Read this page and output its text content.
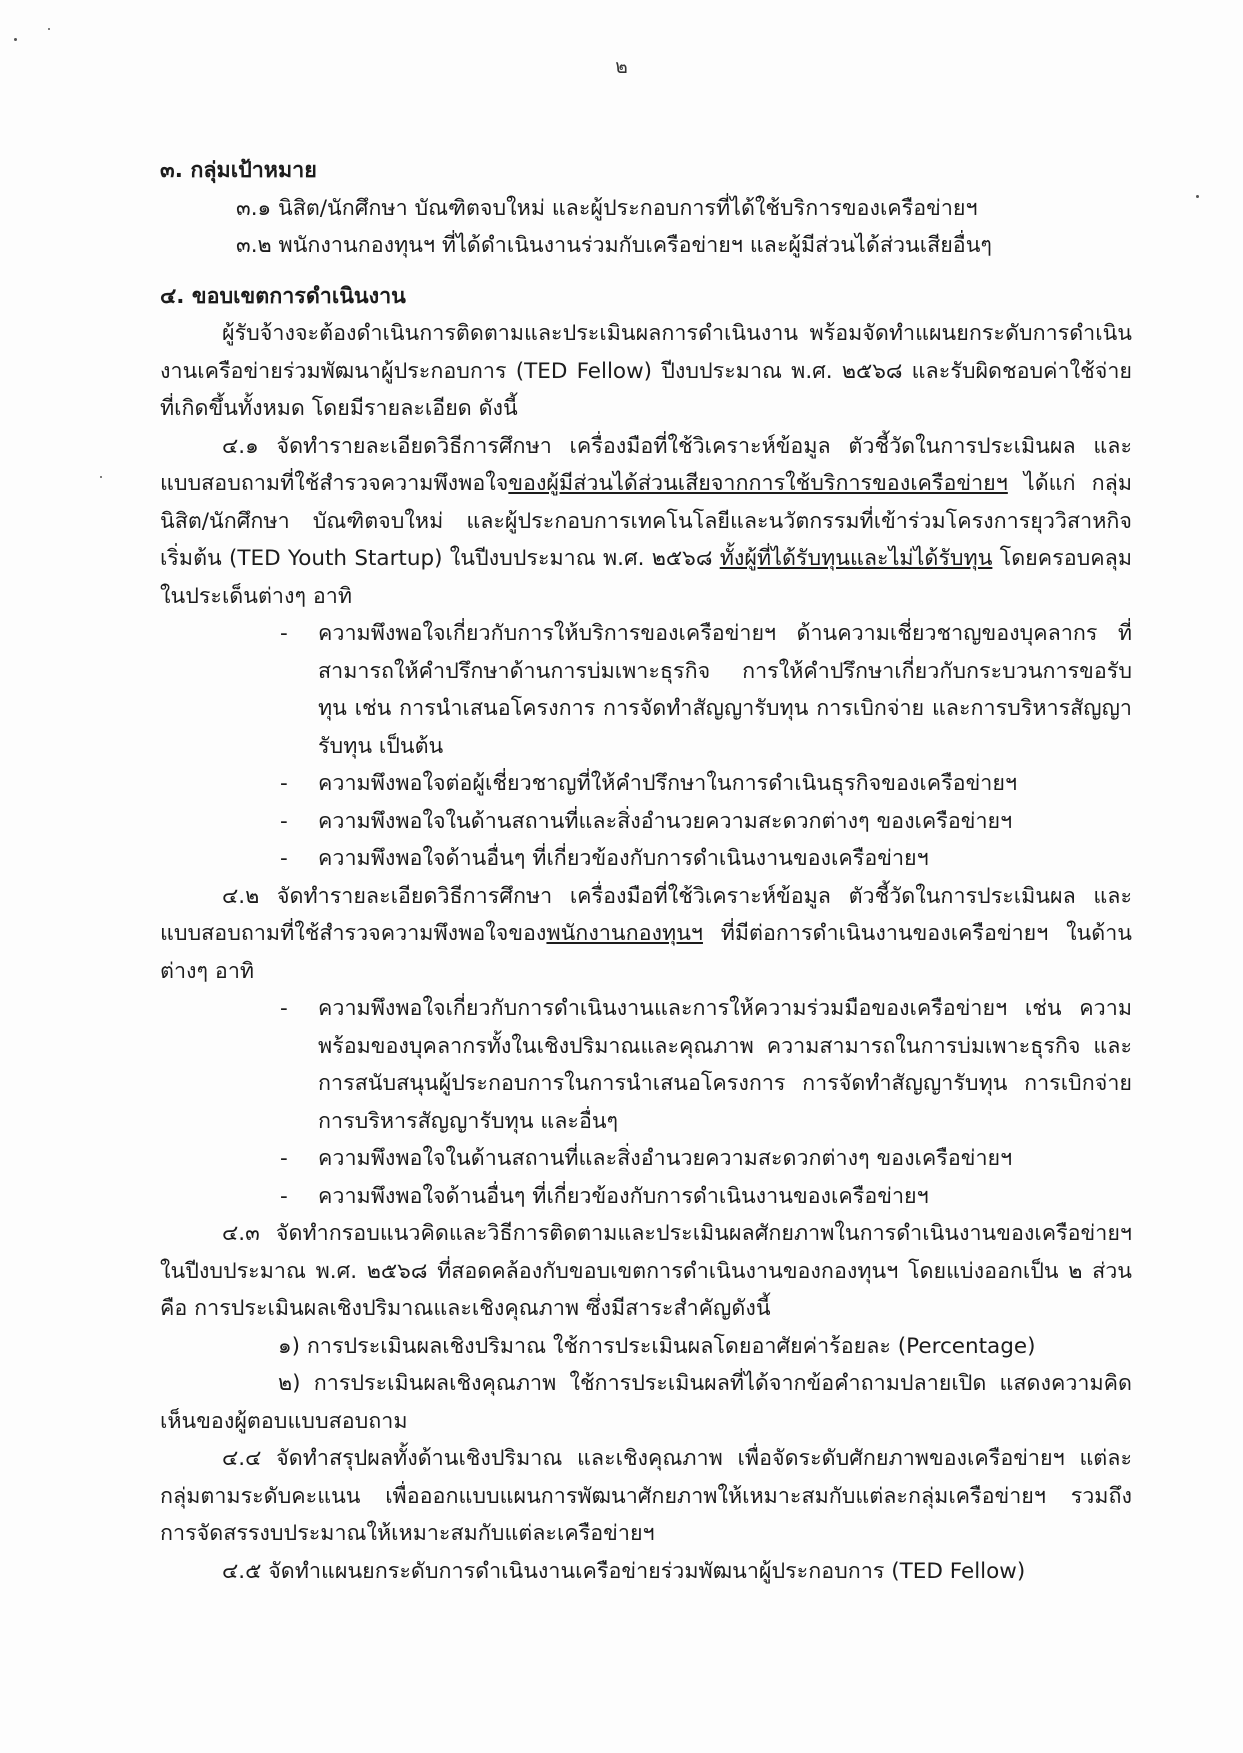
๒
๓. กลุ่มเป้าหมาย
๓.๑ นิสิต/นักศึกษา บัณฑิตจบใหม่ และผู้ประกอบการที่ได้ใช้บริการของเครือข่ายฯ
๓.๒ พนักงานกองทุนฯ ที่ได้ดำเนินงานร่วมกับเครือข่ายฯ และผู้มีส่วนได้ส่วนเสียอื่นๆ
๔. ขอบเขตการดำเนินงาน
ผู้รับจ้างจะต้องดำเนินการติดตามและประเมินผลการดำเนินงาน พร้อมจัดทำแผนยกระดับการดำเนินงานเครือข่ายร่วมพัฒนาผู้ประกอบการ (TED Fellow) ปีงบประมาณ พ.ศ. ๒๕๖๘ และรับผิดชอบค่าใช้จ่ายที่เกิดขึ้นทั้งหมด โดยมีรายละเอียด ดังนี้
๔.๑ จัดทำรายละเอียดวิธีการศึกษา เครื่องมือที่ใช้วิเคราะห์ข้อมูล ตัวชี้วัดในการประเมินผล และแบบสอบถามที่ใช้สำรวจความพึงพอใจของผู้มีส่วนได้ส่วนเสียจากการใช้บริการของเครือข่ายฯ ได้แก่ กลุ่มนิสิต/นักศึกษา บัณฑิตจบใหม่ และผู้ประกอบการเทคโนโลยีและนวัตกรรมที่เข้าร่วมโครงการยุววิสาหกิจเริ่มต้น (TED Youth Startup) ในปีงบประมาณ พ.ศ. ๒๕๖๘ ทั้งผู้ที่ได้รับทุนและไม่ได้รับทุน โดยครอบคลุมในประเด็นต่างๆ อาทิ
- ความพึงพอใจเกี่ยวกับการให้บริการของเครือข่ายฯ ด้านความเชี่ยวชาญของบุคลากร ที่สามารถให้คำปรึกษาด้านการบ่มเพาะธุรกิจ การให้คำปรึกษาเกี่ยวกับกระบวนการขอรับทุน เช่น การนำเสนอโครงการ การจัดทำสัญญารับทุน การเบิกจ่าย และการบริหารสัญญารับทุน เป็นต้น
- ความพึงพอใจต่อผู้เชี่ยวชาญที่ให้คำปรึกษาในการดำเนินธุรกิจของเครือข่ายฯ
- ความพึงพอใจในด้านสถานที่และสิ่งอำนวยความสะดวกต่างๆ ของเครือข่ายฯ
- ความพึงพอใจด้านอื่นๆ ที่เกี่ยวข้องกับการดำเนินงานของเครือข่ายฯ
๔.๒ จัดทำรายละเอียดวิธีการศึกษา เครื่องมือที่ใช้วิเคราะห์ข้อมูล ตัวชี้วัดในการประเมินผล และแบบสอบถามที่ใช้สำรวจความพึงพอใจของพนักงานกองทุนฯ ที่มีต่อการดำเนินงานของเครือข่ายฯ ในด้านต่างๆ อาทิ
- ความพึงพอใจเกี่ยวกับการดำเนินงานและการให้ความร่วมมือของเครือข่ายฯ เช่น ความพร้อมของบุคลากรทั้งในเชิงปริมาณและคุณภาพ ความสามารถในการบ่มเพาะธุรกิจ และการสนับสนุนผู้ประกอบการในการนำเสนอโครงการ การจัดทำสัญญารับทุน การเบิกจ่าย การบริหารสัญญารับทุน และอื่นๆ
- ความพึงพอใจในด้านสถานที่และสิ่งอำนวยความสะดวกต่างๆ ของเครือข่ายฯ
- ความพึงพอใจด้านอื่นๆ ที่เกี่ยวข้องกับการดำเนินงานของเครือข่ายฯ
๔.๓ จัดทำกรอบแนวคิดและวิธีการติดตามและประเมินผลศักยภาพในการดำเนินงานของเครือข่ายฯ ในปีงบประมาณ พ.ศ. ๒๕๖๘ ที่สอดคล้องกับขอบเขตการดำเนินงานของกองทุนฯ โดยแบ่งออกเป็น ๒ ส่วน คือ การประเมินผลเชิงปริมาณและเชิงคุณภาพ ซึ่งมีสาระสำคัญดังนี้
๑) การประเมินผลเชิงปริมาณ ใช้การประเมินผลโดยอาศัยค่าร้อยละ (Percentage)
๒) การประเมินผลเชิงคุณภาพ ใช้การประเมินผลที่ได้จากข้อคำถามปลายเปิด แสดงความคิดเห็นของผู้ตอบแบบสอบถาม
๔.๔ จัดทำสรุปผลทั้งด้านเชิงปริมาณ และเชิงคุณภาพ เพื่อจัดระดับศักยภาพของเครือข่ายฯ แต่ละกลุ่มตามระดับคะแนน เพื่อออกแบบแผนการพัฒนาศักยภาพให้เหมาะสมกับแต่ละกลุ่มเครือข่ายฯ รวมถึงการจัดสรรงบประมาณให้เหมาะสมกับแต่ละเครือข่ายฯ
๔.๕ จัดทำแผนยกระดับการดำเนินงานเครือข่ายร่วมพัฒนาผู้ประกอบการ (TED Fellow)
